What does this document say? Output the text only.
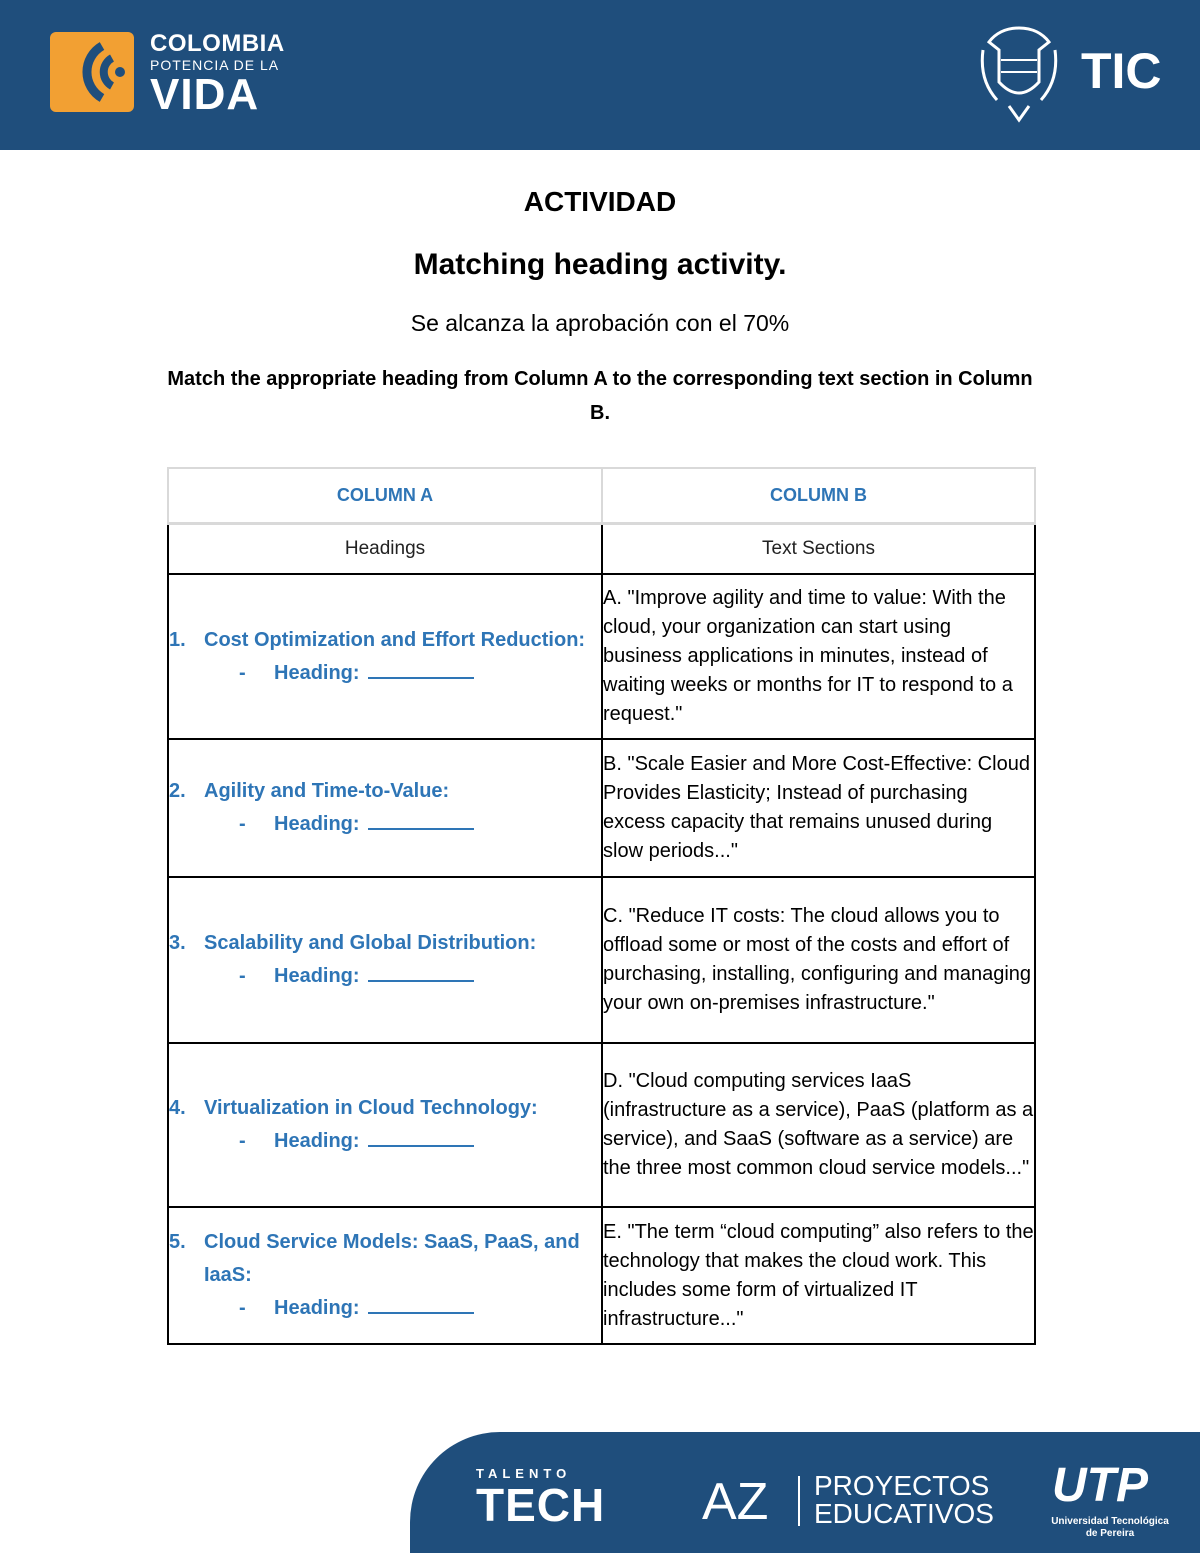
COLOMBIA
POTENCIA DE LA
VIDA	TIC
ACTIVIDAD
Matching heading activity.
Se alcanza la aprobación con el 70%
Match the appropriate heading from Column A to the corresponding text section in Column B.
COLUMN A	COLUMN B
Headings	Text Sections

1. Cost Optimization and Effort Reduction:
- Heading:	A. "Improve agility and time to value: With the cloud, your organization can start using business applications in minutes, instead of waiting weeks or months for IT to respond to a request."

2. Agility and Time-to-Value:
- Heading:	B. "Scale Easier and More Cost-Effective: Cloud Provides Elasticity; Instead of purchasing excess capacity that remains unused during slow periods..."

3. Scalability and Global Distribution:
- Heading:	C. "Reduce IT costs: The cloud allows you to offload some or most of the costs and effort of purchasing, installing, configuring and managing your own on-premises infrastructure."

4. Virtualization in Cloud Technology:
- Heading:	D. "Cloud computing services IaaS (infrastructure as a service), PaaS (platform as a service), and SaaS (software as a service) are the three most common cloud service models..."

5. Cloud Service Models: SaaS, PaaS, and IaaS:
- Heading:	E. "The term “cloud computing” also refers to the technology that makes the cloud work. This includes some form of virtualized IT infrastructure..."
TALENTO
TECH AZ PROYECTOS
EDUCATIVOS
UTP
Universidad Tecnológica de Pereira
